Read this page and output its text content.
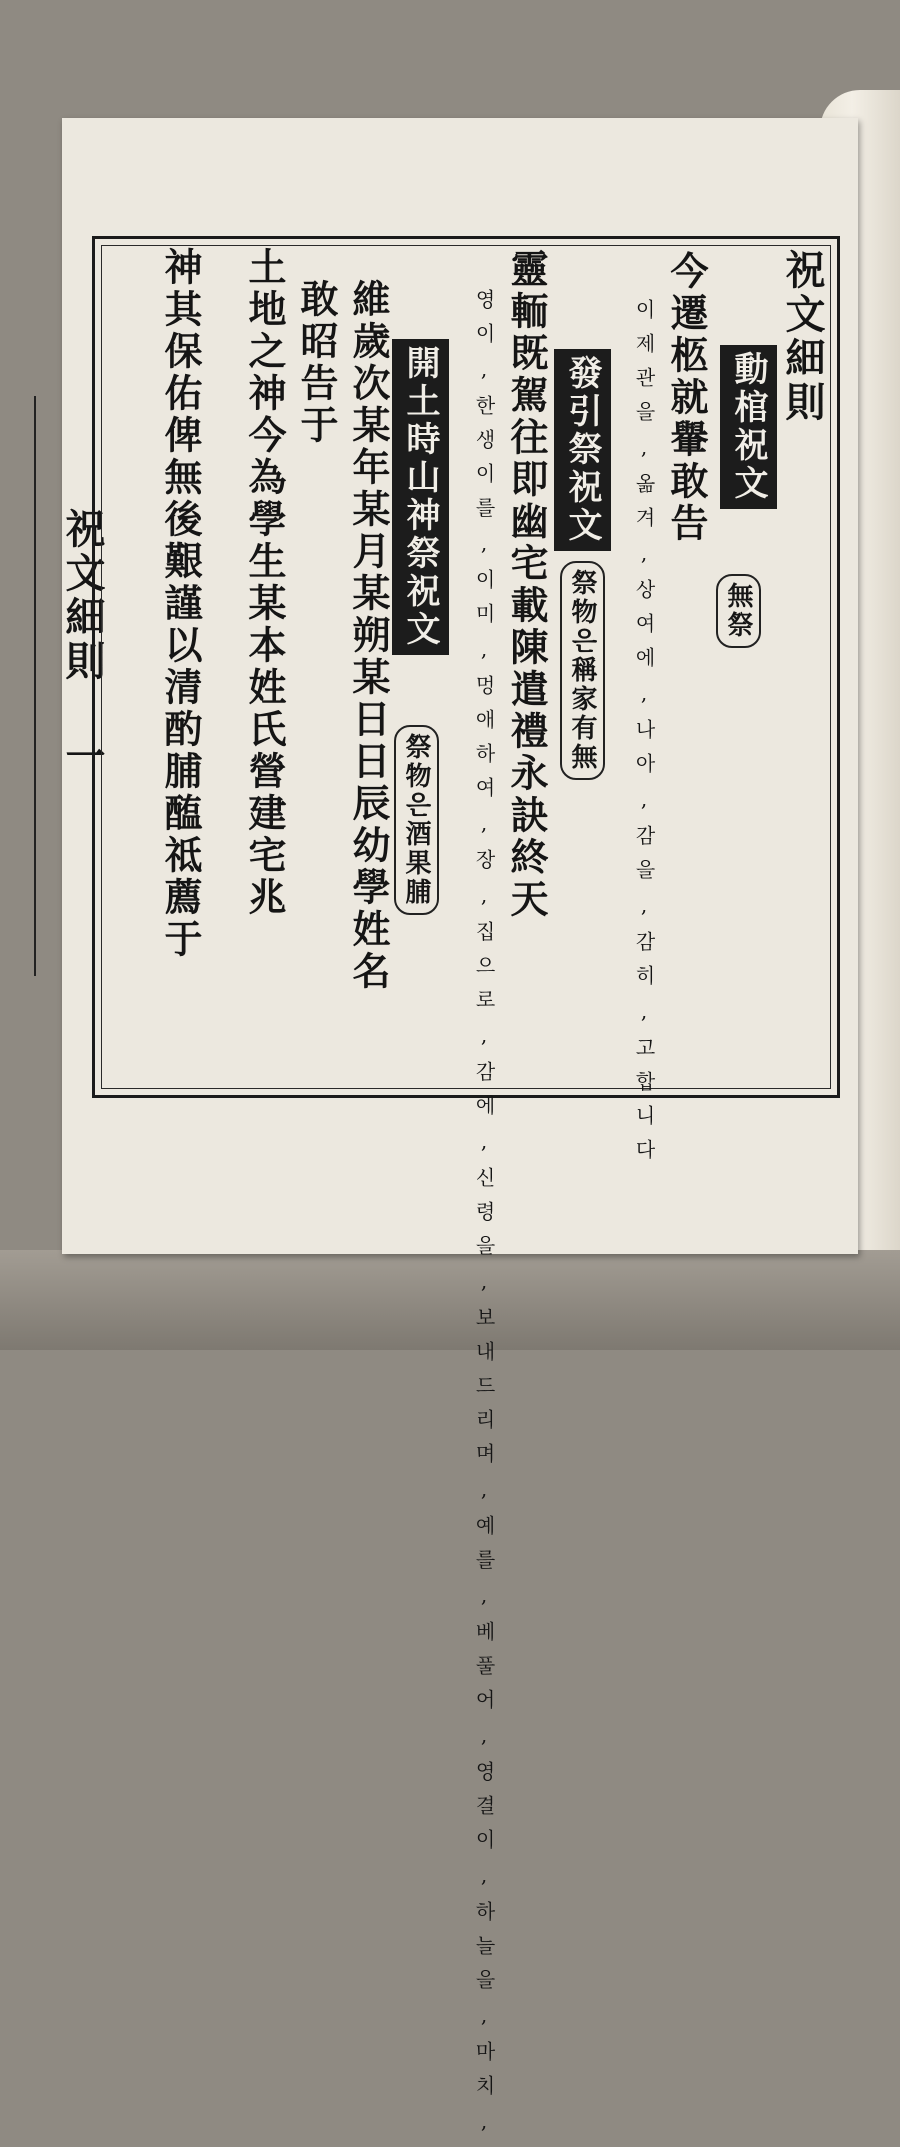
祝文細則 一
祝文細則
動棺祝文
無祭
今遷柩就轝敢告
이제관을,옮겨,상여에,나아,감을,감히,고합니다
發引祭祝文
祭物은稱家有無
靈輀既駕往即幽宅載陳遣禮永訣終天
영이,한생이를,이미,멍애하여,장,집으로,감에,신령을,보내드리며,예를,베풀어,영결이,하늘을,마치,
開土時山神祭祝文
祭物은酒果脯
維歲次某年某月某朔某日日辰幼學姓名
敢昭告于
土地之神今為學生某本姓氏營建宅兆
神其保佑俾無後艱謹以清酌脯醢祗薦于
